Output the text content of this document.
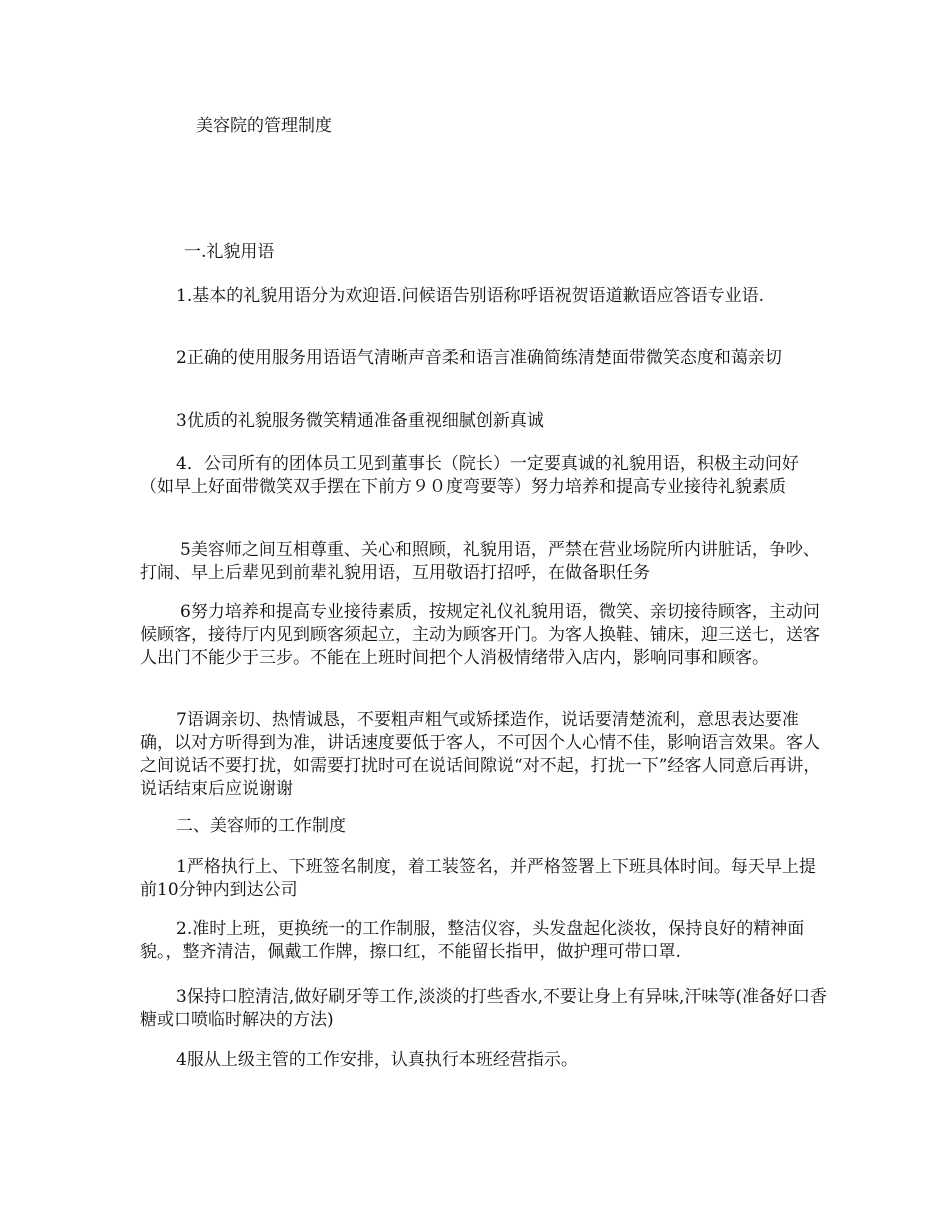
美容院的管理制度

一.礼貌用语

1.基本的礼貌用语分为欢迎语.问候语告别语称呼语祝贺语道歉语应答语专业语.

2正确的使用服务用语语气清晰声音柔和语言准确简练清楚面带微笑态度和蔼亲切

3优质的礼貌服务微笑精通准备重视细腻创新真诚

4．公司所有的团体员工见到董事长（院长）一定要真诚的礼貌用语，积极主动问好（如早上好面带微笑双手摆在下前方９０度弯要等）努力培养和提高专业接待礼貌素质

5美容师之间互相尊重、关心和照顾，礼貌用语，严禁在营业场院所内讲脏话，争吵、打闹、早上后辈见到前辈礼貌用语，互用敬语打招呼，在做备职任务

6努力培养和提高专业接待素质，按规定礼仪礼貌用语，微笑、亲切接待顾客，主动问候顾客，接待厅内见到顾客须起立，主动为顾客开门。为客人换鞋、铺床，迎三送七，送客人出门不能少于三步。不能在上班时间把个人消极情绪带入店内，影响同事和顾客。

7语调亲切、热情诚恳，不要粗声粗气或矫揉造作，说话要清楚流利，意思表达要准确，以对方听得到为准，讲话速度要低于客人，不可因个人心情不佳，影响语言效果。客人之间说话不要打扰，如需要打扰时可在说话间隙说“对不起，打扰一下”经客人同意后再讲，说话结束后应说谢谢

二、美容师的工作制度

1严格执行上、下班签名制度，着工装签名，并严格签署上下班具体时间。每天早上提前10分钟内到达公司

2.准时上班，更换统一的工作制服，整洁仪容，头发盘起化淡妆，保持良好的精神面貌。，整齐清洁，佩戴工作牌，擦口红，不能留长指甲，做护理可带口罩.

3保持口腔清洁,做好刷牙等工作,淡淡的打些香水,不要让身上有异味,汗味等(准备好口香糖或口喷临时解决的方法)

4服从上级主管的工作安排，认真执行本班经营指示。
